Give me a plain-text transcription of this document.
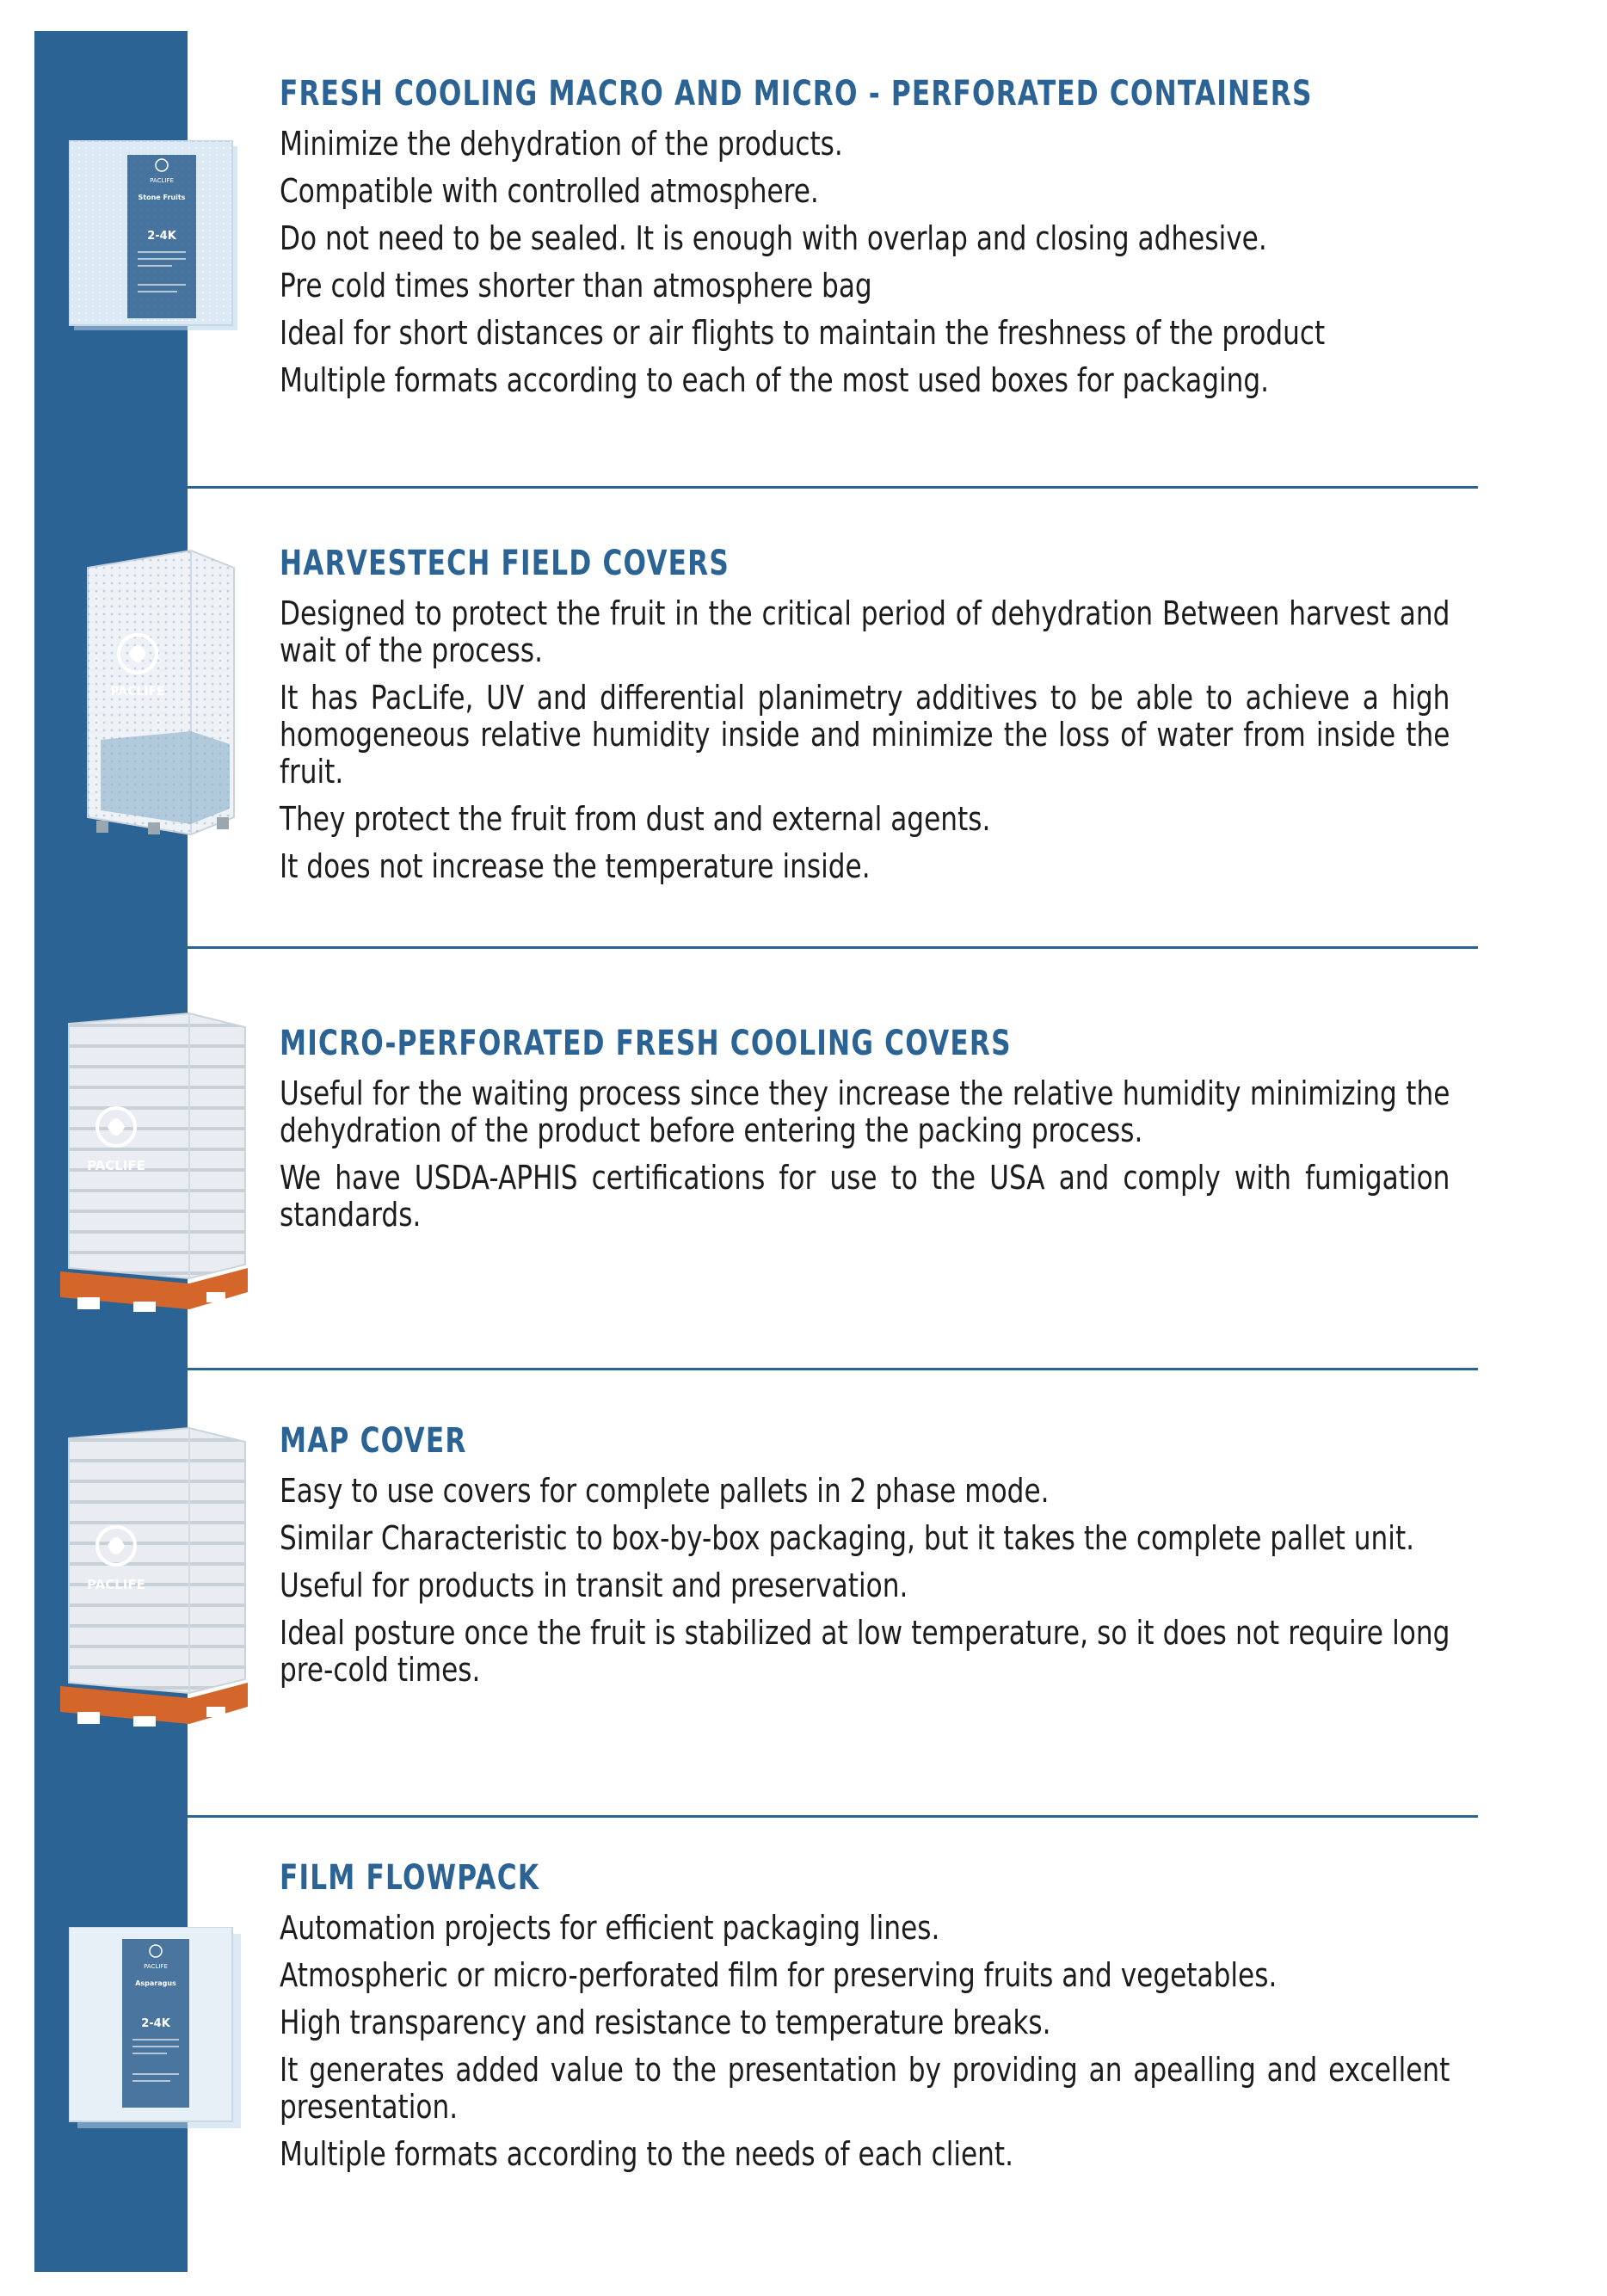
PACLIFE
Stone Fruits
2-4K
FRESH COOLING MACRO AND MICRO - PERFORATED CONTAINERS
Minimize the dehydration of the products.
Compatible with controlled atmosphere.
Do not need to be sealed. It is enough with overlap and closing adhesive.
Pre cold times shorter than atmosphere bag
Ideal for short distances or air flights to maintain the freshness of the product
Multiple formats according to each of the most used boxes for packaging.
PACLIFE
HARVESTECH FIELD COVERS
Designed to protect the fruit in the critical period of dehydration Between harvest and wait of the process.
It has PacLife, UV and differential planimetry additives to be able to achieve a high homogeneous relative humidity inside and minimize the loss of water from inside the fruit.
They protect the fruit from dust and external agents.
It does not increase the temperature inside.
PACLIFE
MICRO-PERFORATED FRESH COOLING COVERS
Useful for the waiting process since they increase the relative humidity minimizing the dehydration of the product before entering the packing process.
We have USDA-APHIS certifications for use to the USA and comply with fumigation standards.
PACLIFE
MAP COVER
Easy to use covers for complete pallets in 2 phase mode.
Similar Characteristic to box-by-box packaging, but it takes the complete pallet unit.
Useful for products in transit and preservation.
Ideal posture once the fruit is stabilized at low temperature, so it does not require long pre-cold times.
PACLIFE
Asparagus
2-4K
FILM FLOWPACK
Automation projects for efficient packaging lines.
Atmospheric or micro-perforated film for preserving fruits and vegetables.
High transparency and resistance to temperature breaks.
It generates added value to the presentation by providing an apealling and excellent presentation.
Multiple formats according to the needs of each client.
